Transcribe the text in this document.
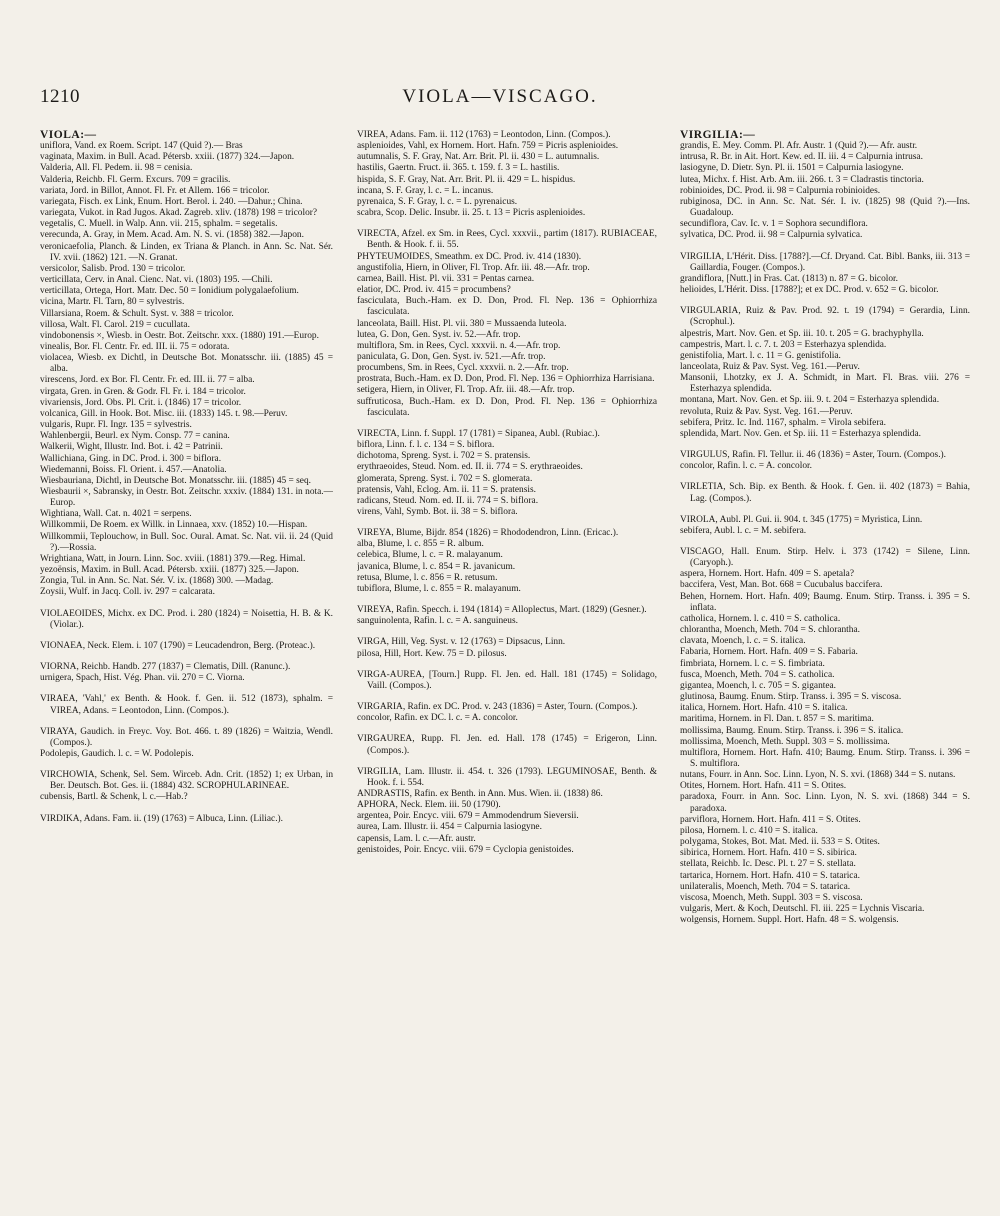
1210	VIOLA—VISCAGO.

VIOLA:—

uniflora, Vand. ex Roem. Script. 147 (Quid ?).— Bras

vaginata, Maxim. in Bull. Acad. Pétersb. xxiii. (1877) 324.—Japon.

Valderia, All. Fl. Pedem. ii. 98 = cenisia.

Valderia, Reichb. Fl. Germ. Excurs. 709 = gracilis.

variata, Jord. in Billot, Annot. Fl. Fr. et Allem. 166 = tricolor.

variegata, Fisch. ex Link, Enum. Hort. Berol. i. 240. —Dahur.; China.

variegata, Vukot. in Rad Jugos. Akad. Zagreb. xliv. (1878) 198 = tricolor?

vegetalis, C. Muell. in Walp. Ann. vii. 215, sphalm. = segetalis.

verecunda, A. Gray, in Mem. Acad. Am. N. S. vi. (1858) 382.—Japon.

veronicaefolia, Planch. & Linden, ex Triana & Planch. in Ann. Sc. Nat. Sér. IV. xvii. (1862) 121. —N. Granat.

versicolor, Salisb. Prod. 130 = tricolor.

verticillata, Cerv. in Anal. Cienc. Nat. vi. (1803) 195. —Chili.

verticillata, Ortega, Hort. Matr. Dec. 50 = Ionidium polygalaefolium.

vicina, Martr. Fl. Tarn, 80 = sylvestris.

Villarsiana, Roem. & Schult. Syst. v. 388 = tricolor.

villosa, Walt. Fl. Carol. 219 = cucullata.

vindobonensis ×, Wiesb. in Oestr. Bot. Zeitschr. xxx. (1880) 191.—Europ.

vinealis, Bor. Fl. Centr. Fr. ed. III. ii. 75 = odorata.

violacea, Wiesb. ex Dichtl, in Deutsche Bot. Monatsschr. iii. (1885) 45 = alba.

virescens, Jord. ex Bor. Fl. Centr. Fr. ed. III. ii. 77 = alba.

virgata, Gren. in Gren. & Godr. Fl. Fr. i. 184 = tricolor.

vivariensis, Jord. Obs. Pl. Crit. i. (1846) 17 = tricolor.

volcanica, Gill. in Hook. Bot. Misc. iii. (1833) 145. t. 98.—Peruv.

vulgaris, Rupr. Fl. Ingr. 135 = sylvestris.

Wahlenbergii, Beurl. ex Nym. Consp. 77 = canina.

Walkerii, Wight, Illustr. Ind. Bot. i. 42 = Patrinii.

Wallichiana, Ging. in DC. Prod. i. 300 = biflora.

Wiedemanni, Boiss. Fl. Orient. i. 457.—Anatolia.

Wiesbauriana, Dichtl, in Deutsche Bot. Monatsschr. iii. (1885) 45 = seq.

Wiesbaurii ×, Sabransky, in Oestr. Bot. Zeitschr. xxxiv. (1884) 131. in nota.—Europ.

Wightiana, Wall. Cat. n. 4021 = serpens.

Willkommii, De Roem. ex Willk. in Linnaea, xxv. (1852) 10.—Hispan.

Willkommii, Teplouchow, in Bull. Soc. Oural. Amat. Sc. Nat. vii. ii. 24 (Quid ?).—Rossia.

Wrightiana, Watt, in Journ. Linn. Soc. xviii. (1881) 379.—Reg. Himal.

yezoënsis, Maxim. in Bull. Acad. Pétersb. xxiii. (1877) 325.—Japon.

Zongia, Tul. in Ann. Sc. Nat. Sér. V. ix. (1868) 300. —Madag.

Zoysii, Wulf. in Jacq. Coll. iv. 297 = calcarata.

VIOLAEOIDES, Michx. ex DC. Prod. i. 280 (1824) = Noisettia, H. B. & K. (Violar.).

VIONAEA, Neck. Elem. i. 107 (1790) = Leucadendron, Berg. (Proteac.).

VIORNA, Reichb. Handb. 277 (1837) = Clematis, Dill. (Ranunc.).

urnigera, Spach, Hist. Vég. Phan. vii. 270 = C. Viorna.

VIRAEA, 'Vahl,' ex Benth. & Hook. f. Gen. ii. 512 (1873), sphalm. = VIREA, Adans. = Leontodon, Linn. (Compos.).

VIRAYA, Gaudich. in Freyc. Voy. Bot. 466. t. 89 (1826) = Waitzia, Wendl. (Compos.).

Podolepis, Gaudich. l. c. = W. Podolepis.

VIRCHOWIA, Schenk, Sel. Sem. Wirceb. Adn. Crit. (1852) 1; ex Urban, in Ber. Deutsch. Bot. Ges. ii. (1884) 432. SCROPHULARINEAE.

cubensis, Bartl. & Schenk, l. c.—Hab.?

VIRDIKA, Adans. Fam. ii. (19) (1763) = Albuca, Linn. (Liliac.).

VIREA, Adans. Fam. ii. 112 (1763) = Leontodon, Linn. (Compos.).

asplenioides, Vahl, ex Hornem. Hort. Hafn. 759 = Picris asplenioides.

autumnalis, S. F. Gray, Nat. Arr. Brit. Pl. ii. 430 = L. autumnalis.

hastilis, Gaertn. Fruct. ii. 365. t. 159. f. 3 = L. hastilis.

hispida, S. F. Gray, Nat. Arr. Brit. Pl. ii. 429 = L. hispidus.

incana, S. F. Gray, l. c. = L. incanus.

pyrenaica, S. F. Gray, l. c. = L. pyrenaicus.

scabra, Scop. Delic. Insubr. ii. 25. t. 13 = Picris asplenioides.

VIRECTA, Afzel. ex Sm. in Rees, Cycl. xxxvii., partim (1817). RUBIACEAE, Benth. & Hook. f. ii. 55.

PHYTEUMOIDES, Smeathm. ex DC. Prod. iv. 414 (1830).

angustifolia, Hiern, in Oliver, Fl. Trop. Afr. iii. 48.—Afr. trop.

carnea, Baill. Hist. Pl. vii. 331 = Pentas carnea.

elatior, DC. Prod. iv. 415 = procumbens?

fasciculata, Buch.-Ham. ex D. Don, Prod. Fl. Nep. 136 = Ophiorrhiza fasciculata.

lanceolata, Baill. Hist. Pl. vii. 380 = Mussaenda luteola.

lutea, G. Don, Gen. Syst. iv. 52.—Afr. trop.

multiflora, Sm. in Rees, Cycl. xxxvii. n. 4.—Afr. trop.

paniculata, G. Don, Gen. Syst. iv. 521.—Afr. trop.

procumbens, Sm. in Rees, Cycl. xxxvii. n. 2.—Afr. trop.

prostrata, Buch.-Ham. ex D. Don, Prod. Fl. Nep. 136 = Ophiorrhiza Harrisiana.

setigera, Hiern, in Oliver, Fl. Trop. Afr. iii. 48.—Afr. trop.

suffruticosa, Buch.-Ham. ex D. Don, Prod. Fl. Nep. 136 = Ophiorrhiza fasciculata.

VIRECTA, Linn. f. Suppl. 17 (1781) = Sipanea, Aubl. (Rubiac.).

biflora, Linn. f. l. c. 134 = S. biflora.

dichotoma, Spreng. Syst. i. 702 = S. pratensis.

erythraeoides, Steud. Nom. ed. II. ii. 774 = S. erythraeoides.

glomerata, Spreng. Syst. i. 702 = S. glomerata.

pratensis, Vahl, Eclog. Am. ii. 11 = S. pratensis.

radicans, Steud. Nom. ed. II. ii. 774 = S. biflora.

virens, Vahl, Symb. Bot. ii. 38 = S. biflora.

VIREYA, Blume, Bijdr. 854 (1826) = Rhododendron, Linn. (Ericac.).

alba, Blume, l. c. 855 = R. album.

celebica, Blume, l. c. = R. malayanum.

javanica, Blume, l. c. 854 = R. javanicum.

retusa, Blume, l. c. 856 = R. retusum.

tubiflora, Blume, l. c. 855 = R. malayanum.

VIREYA, Rafin. Specch. i. 194 (1814) = Alloplectus, Mart. (1829) (Gesner.).

sanguinolenta, Rafin. l. c. = A. sanguineus.

VIRGA, Hill, Veg. Syst. v. 12 (1763) = Dipsacus, Linn.

pilosa, Hill, Hort. Kew. 75 = D. pilosus.

VIRGA-AUREA, [Tourn.] Rupp. Fl. Jen. ed. Hall. 181 (1745) = Solidago, Vaill. (Compos.).

VIRGARIA, Rafin. ex DC. Prod. v. 243 (1836) = Aster, Tourn. (Compos.).

concolor, Rafin. ex DC. l. c. = A. concolor.

VIRGAUREA, Rupp. Fl. Jen. ed. Hall. 178 (1745) = Erigeron, Linn. (Compos.).

VIRGILIA, Lam. Illustr. ii. 454. t. 326 (1793). LEGUMINOSAE, Benth. & Hook. f. i. 554.

ANDRASTIS, Rafin. ex Benth. in Ann. Mus. Wien. ii. (1838) 86.

APHORA, Neck. Elem. iii. 50 (1790).

argentea, Poir. Encyc. viii. 679 = Ammodendrum Sieversii.

aurea, Lam. Illustr. ii. 454 = Calpurnia lasiogyne.

capensis, Lam. l. c.—Afr. austr.

genistoides, Poir. Encyc. viii. 679 = Cyclopia genistoides.

VIRGILIA:—

grandis, E. Mey. Comm. Pl. Afr. Austr. 1 (Quid ?).— Afr. austr.

intrusa, R. Br. in Ait. Hort. Kew. ed. II. iii. 4 = Calpurnia intrusa.

lasiogyne, D. Dietr. Syn. Pl. ii. 1501 = Calpurnia lasiogyne.

lutea, Michx. f. Hist. Arb. Am. iii. 266. t. 3 = Cladrastis tinctoria.

robinioides, DC. Prod. ii. 98 = Calpurnia robinioides.

rubiginosa, DC. in Ann. Sc. Nat. Sér. I. iv. (1825) 98 (Quid ?).—Ins. Guadaloup.

secundiflora, Cav. Ic. v. 1 = Sophora secundiflora.

sylvatica, DC. Prod. ii. 98 = Calpurnia sylvatica.

VIRGILIA, L'Hérit. Diss. [1788?].—Cf. Dryand. Cat. Bibl. Banks, iii. 313 = Gaillardia, Fouger. (Compos.).

grandiflora, [Nutt.] in Fras. Cat. (1813) n. 87 = G. bicolor.

helioides, L'Hérit. Diss. [1788?]; et ex DC. Prod. v. 652 = G. bicolor.

VIRGULARIA, Ruiz & Pav. Prod. 92. t. 19 (1794) = Gerardia, Linn. (Scrophul.).

alpestris, Mart. Nov. Gen. et Sp. iii. 10. t. 205 = G. brachyphylla.

campestris, Mart. l. c. 7. t. 203 = Esterhazya splendida.

genistifolia, Mart. l. c. 11 = G. genistifolia.

lanceolata, Ruiz & Pav. Syst. Veg. 161.—Peruv.

Mansonii, Lhotzky, ex J. A. Schmidt, in Mart. Fl. Bras. viii. 276 = Esterhazya splendida.

montana, Mart. Nov. Gen. et Sp. iii. 9. t. 204 = Esterhazya splendida.

revoluta, Ruiz & Pav. Syst. Veg. 161.—Peruv.

sebifera, Pritz. Ic. Ind. 1167, sphalm. = Virola sebifera.

splendida, Mart. Nov. Gen. et Sp. iii. 11 = Esterhazya splendida.

VIRGULUS, Rafin. Fl. Tellur. ii. 46 (1836) = Aster, Tourn. (Compos.).

concolor, Rafin. l. c. = A. concolor.

VIRLETIA, Sch. Bip. ex Benth. & Hook. f. Gen. ii. 402 (1873) = Bahia, Lag. (Compos.).

VIROLA, Aubl. Pl. Gui. ii. 904. t. 345 (1775) = Myristica, Linn.

sebifera, Aubl. l. c. = M. sebifera.

VISCAGO, Hall. Enum. Stirp. Helv. i. 373 (1742) = Silene, Linn. (Caryoph.).

aspera, Hornem. Hort. Hafn. 409 = S. apetala?

baccifera, Vest, Man. Bot. 668 = Cucubalus baccifera.

Behen, Hornem. Hort. Hafn. 409; Baumg. Enum. Stirp. Transs. i. 395 = S. inflata.

catholica, Hornem. l. c. 410 = S. catholica.

chlorantha, Moench, Meth. 704 = S. chlorantha.

clavata, Moench, l. c. = S. italica.

Fabaria, Hornem. Hort. Hafn. 409 = S. Fabaria.

fimbriata, Hornem. l. c. = S. fimbriata.

fusca, Moench, Meth. 704 = S. catholica.

gigantea, Moench, l. c. 705 = S. gigantea.

glutinosa, Baumg. Enum. Stirp. Transs. i. 395 = S. viscosa.

italica, Hornem. Hort. Hafn. 410 = S. italica.

maritima, Hornem. in Fl. Dan. t. 857 = S. maritima.

mollissima, Baumg. Enum. Stirp. Transs. i. 396 = S. italica.

mollissima, Moench, Meth. Suppl. 303 = S. mollissima.

multiflora, Hornem. Hort. Hafn. 410; Baumg. Enum. Stirp. Transs. i. 396 = S. multiflora.

nutans, Fourr. in Ann. Soc. Linn. Lyon, N. S. xvi. (1868) 344 = S. nutans.

Otites, Hornem. Hort. Hafn. 411 = S. Otites.

paradoxa, Fourr. in Ann. Soc. Linn. Lyon, N. S. xvi. (1868) 344 = S. paradoxa.

parviflora, Hornem. Hort. Hafn. 411 = S. Otites.

pilosa, Hornem. l. c. 410 = S. italica.

polygama, Stokes, Bot. Mat. Med. ii. 533 = S. Otites.

sibirica, Hornem. Hort. Hafn. 410 = S. sibirica.

stellata, Reichb. Ic. Desc. Pl. t. 27 = S. stellata.

tartarica, Hornem. Hort. Hafn. 410 = S. tatarica.

unilateralis, Moench, Meth. 704 = S. tatarica.

viscosa, Moench, Meth. Suppl. 303 = S. viscosa.

vulgaris, Mert. & Koch, Deutschl. Fl. iii. 225 = Lychnis Viscaria.

wolgensis, Hornem. Suppl. Hort. Hafn. 48 = S. wolgensis.
